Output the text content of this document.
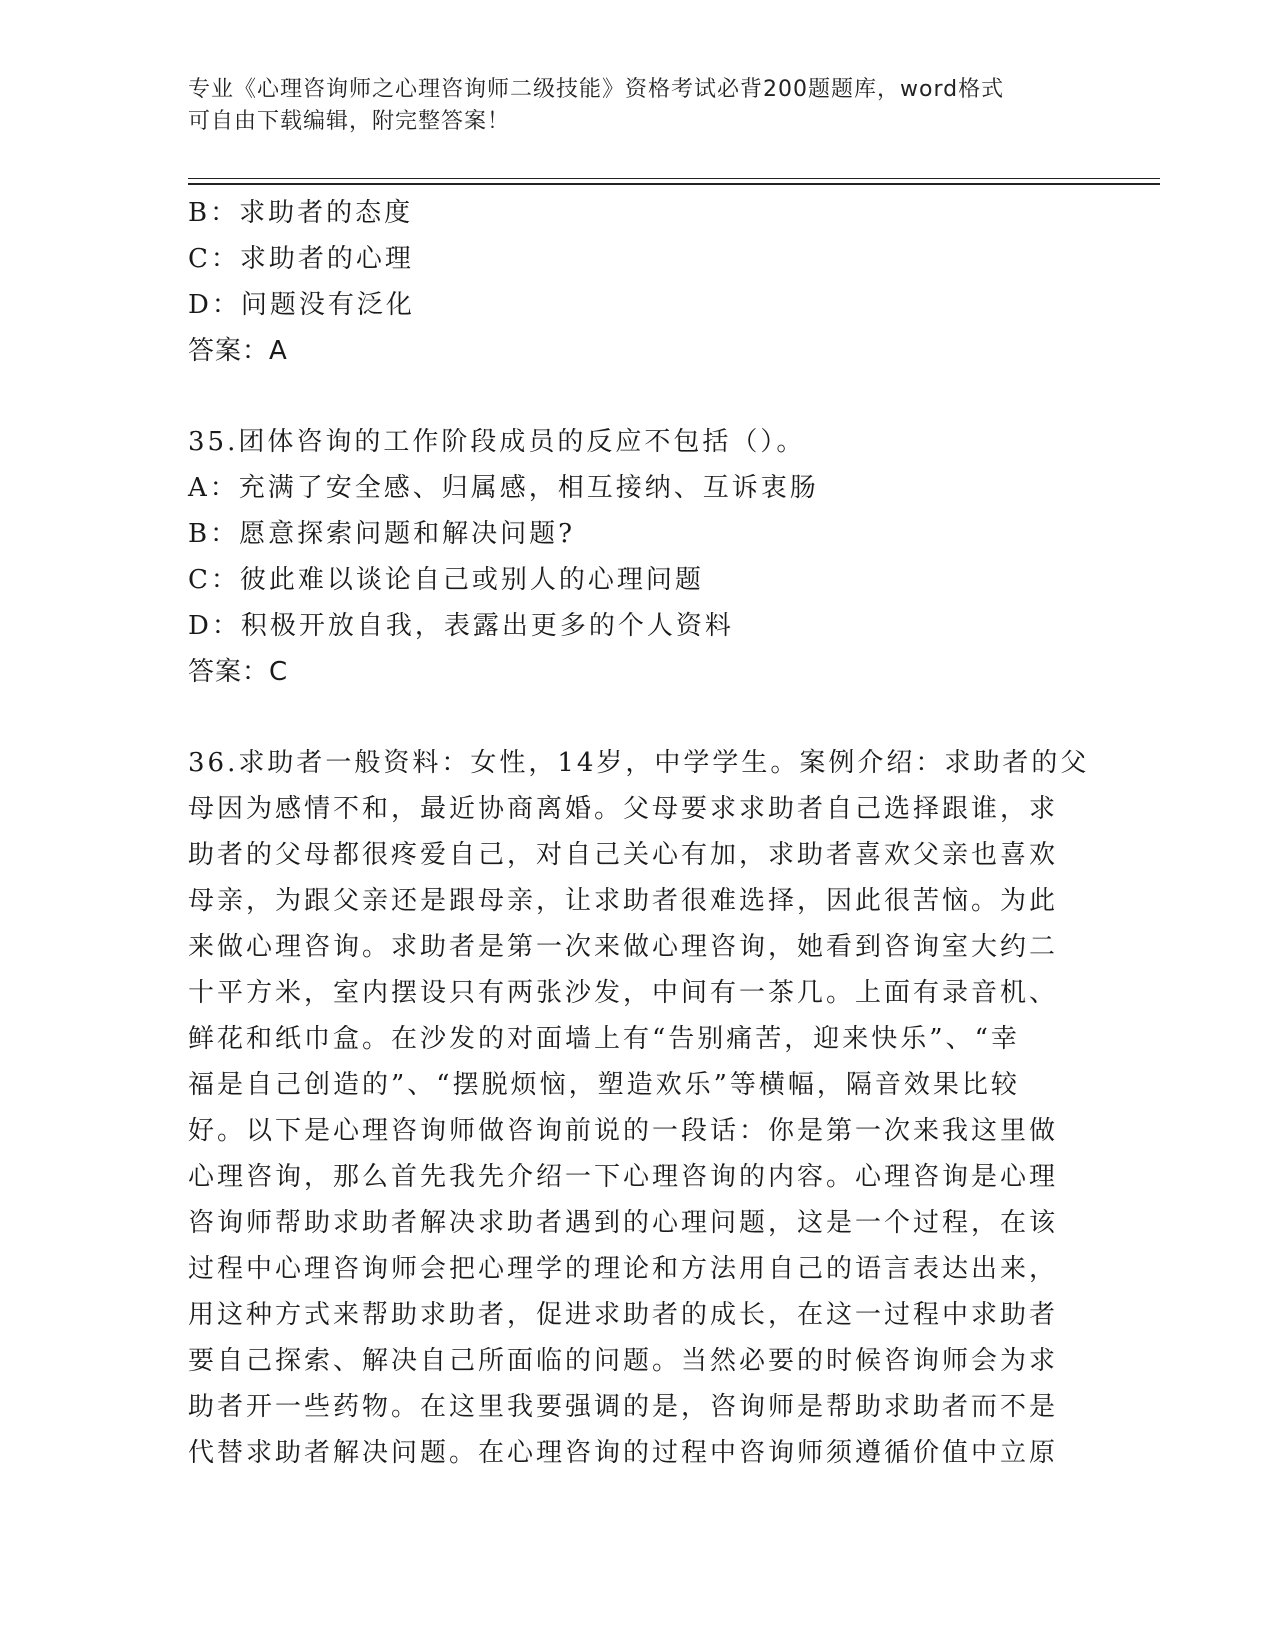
专业《心理咨询师之心理咨询师二级技能》资格考试必背200题题库，word格式
可自由下载编辑，附完整答案！
B：求助者的态度
C：求助者的心理
D：问题没有泛化
答案：A
35.团体咨询的工作阶段成员的反应不包括（）。
A：充满了安全感、归属感，相互接纳、互诉衷肠
B：愿意探索问题和解决问题?
C：彼此难以谈论自己或别人的心理问题
D：积极开放自我，表露出更多的个人资料
答案：C
36.求助者一般资料：女性，14岁，中学学生。案例介绍：求助者的父
母因为感情不和，最近协商离婚。父母要求求助者自己选择跟谁，求
助者的父母都很疼爱自己，对自己关心有加，求助者喜欢父亲也喜欢
母亲，为跟父亲还是跟母亲，让求助者很难选择，因此很苦恼。为此
来做心理咨询。求助者是第一次来做心理咨询，她看到咨询室大约二
十平方米，室内摆设只有两张沙发，中间有一茶几。上面有录音机、
鲜花和纸巾盒。在沙发的对面墙上有“告别痛苦，迎来快乐”、“幸
福是自己创造的”、“摆脱烦恼，塑造欢乐”等横幅，隔音效果比较
好。以下是心理咨询师做咨询前说的一段话：你是第一次来我这里做
心理咨询，那么首先我先介绍一下心理咨询的内容。心理咨询是心理
咨询师帮助求助者解决求助者遇到的心理问题，这是一个过程，在该
过程中心理咨询师会把心理学的理论和方法用自己的语言表达出来，
用这种方式来帮助求助者，促进求助者的成长，在这一过程中求助者
要自己探索、解决自己所面临的问题。当然必要的时候咨询师会为求
助者开一些药物。在这里我要强调的是，咨询师是帮助求助者而不是
代替求助者解决问题。在心理咨询的过程中咨询师须遵循价值中立原
